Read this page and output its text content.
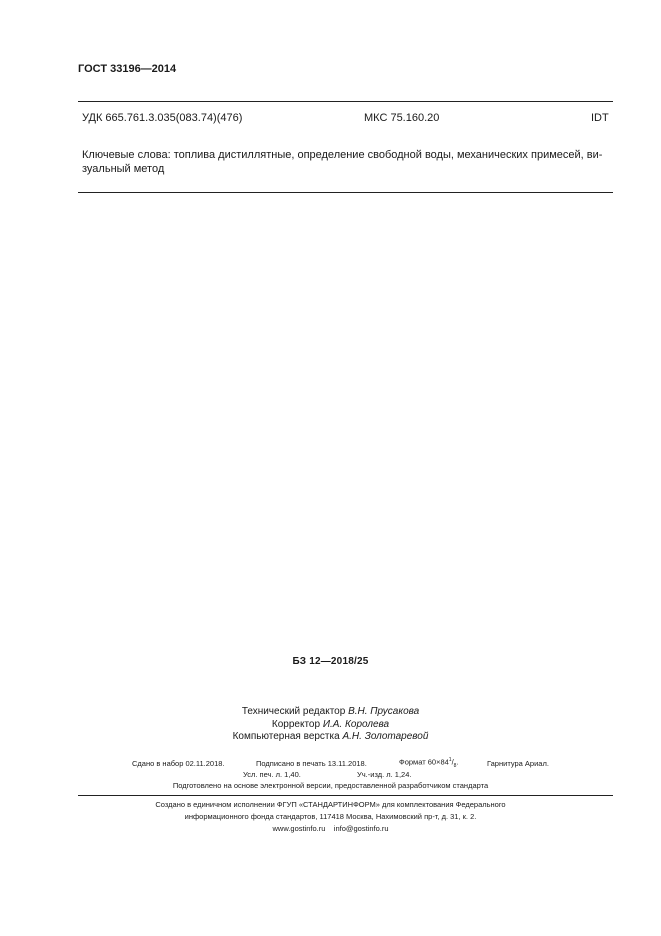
ГОСТ 33196—2014
УДК 665.761.3.035(083.74)(476)	МКС 75.160.20	IDT
Ключевые слова: топлива дистиллятные, определение свободной воды, механических примесей, ви-
зуальный метод
БЗ 12—2018/25
Технический редактор В.Н. Прусакова
Корректор И.А. Королева
Компьютерная верстка А.Н. Золотаревой
Сдано в набор 02.11.2018.	Подписано в печать 13.11.2018.	Формат $60\times 84^1/_8$.	Гарнитура Ариал.
Усл. печ. л. 1,40.	Уч.-изд. л. 1,24.
Подготовлено на основе электронной версии, предоставленной разработчиком стандарта
Создано в единичном исполнении ФГУП «СТАНДАРТИНФОРМ» для комплектования Федерального
информационного фонда стандартов, 117418 Москва, Нахимовский пр-т, д. 31, к. 2.
www.gostinfo.ru info@gostinfo.ru
